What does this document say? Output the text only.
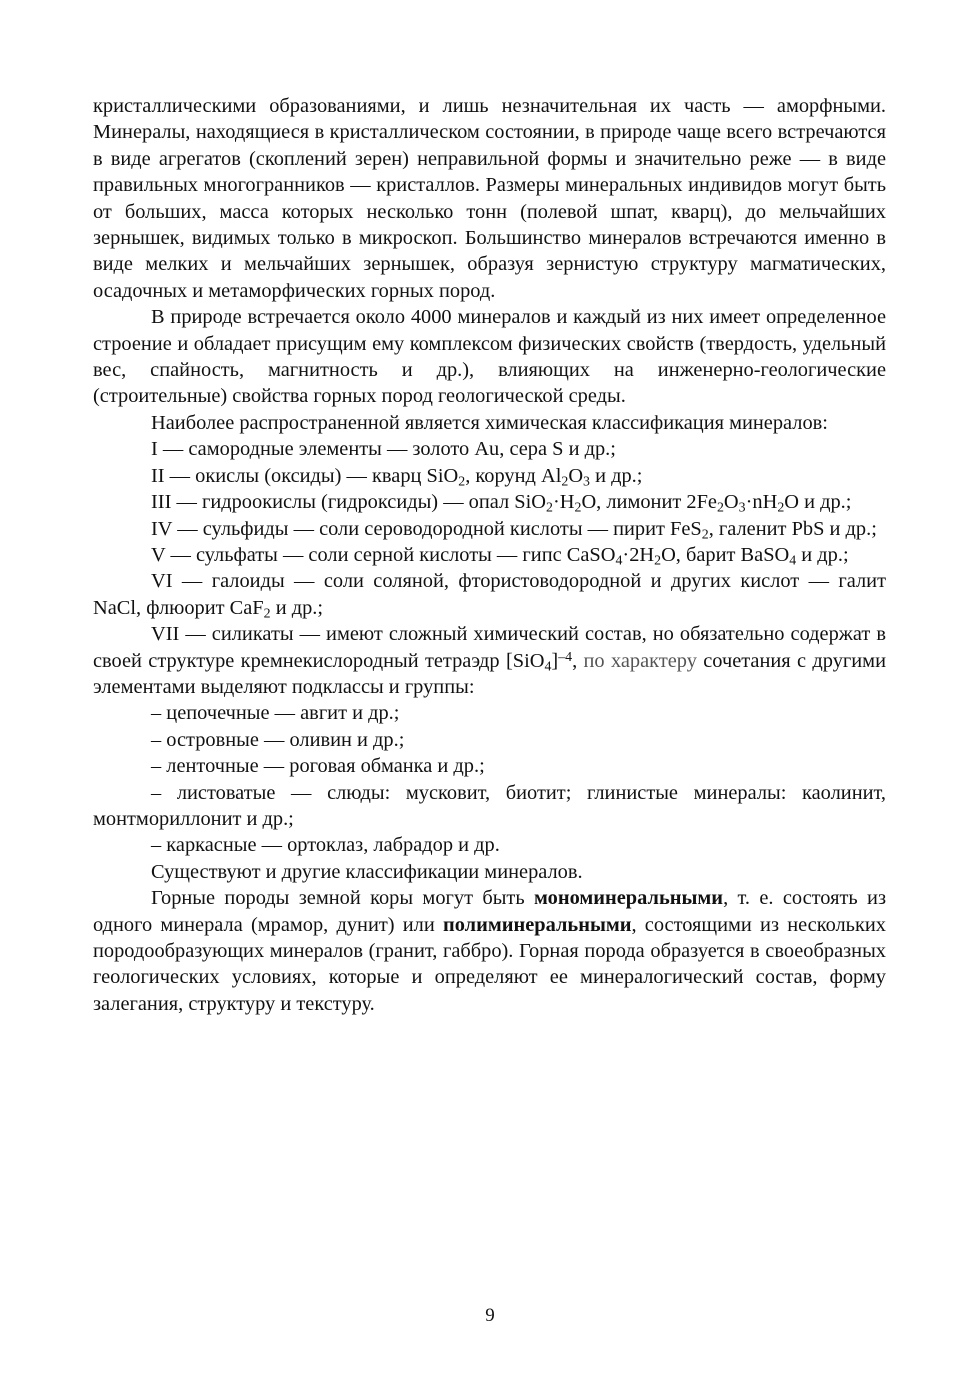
кристаллическими образованиями, и лишь незначительная их часть — аморфными. Минералы, находящиеся в кристаллическом состоянии, в природе чаще всего встречаются в виде агрегатов (скоплений зерен) неправильной формы и значительно реже — в виде правильных многогранников — кристаллов. Размеры минеральных индивидов могут быть от больших, масса которых несколько тонн (полевой шпат, кварц), до мельчайших зернышек, видимых только в микроскоп. Большинство минералов встречаются именно в виде мелких и мельчайших зернышек, образуя зернистую структуру магматических, осадочных и метаморфических горных пород.

В природе встречается около 4000 минералов и каждый из них имеет определенное строение и обладает присущим ему комплексом физических свойств (твердость, удельный вес, спайность, магнитность и др.), влияющих на инженерно-геологические (строительные) свойства горных пород геологической среды.

Наиболее распространенной является химическая классификация минералов:

I — самородные элементы — золото Au, сера S и др.;

II — окислы (оксиды) — кварц SiO$_2$, корунд $Al_2O_3$ и др.;

III — гидроокислы (гидроксиды) — опал $SiO_2\cdot H_2O$, лимонит $2Fe_2O_3\cdot nH_2O$ и др.;

IV — сульфиды — соли сероводородной кислоты — пирит FeS$_2$, галенит PbS и др.;

V — сульфаты — соли серной кислоты — гипс $CaSO_4\cdot 2H_2O$, барит BaSO$_4$ и др.;

VI — галоиды — соли соляной, фтористоводородной и других кислот — галит NaCl, флюорит CaF$_2$ и др.;

VII — силикаты — имеют сложный химический состав, но обязательно содержат в своей структуре кремнекислородный тетраэдр $[SiO_4]^{-4}$, по характеру сочетания с другими элементами выделяют подклассы и группы:

– цепочечные — авгит и др.;

– островные — оливин и др.;

– ленточные — роговая обманка и др.;

– листоватые — слюды: мусковит, биотит; глинистые минералы: каолинит, монтмориллонит и др.;

– каркасные — ортоклаз, лабрадор и др.

Существуют и другие классификации минералов.

Горные породы земной коры могут быть мономинеральными, т. е. состоять из одного минерала (мрамор, дунит) или полиминеральными, состоящими из нескольких породообразующих минералов (гранит, габбро). Горная порода образуется в своеобразных геологических условиях, которые и определяют ее минералогический состав, форму залегания, структуру и текстуру.

9
